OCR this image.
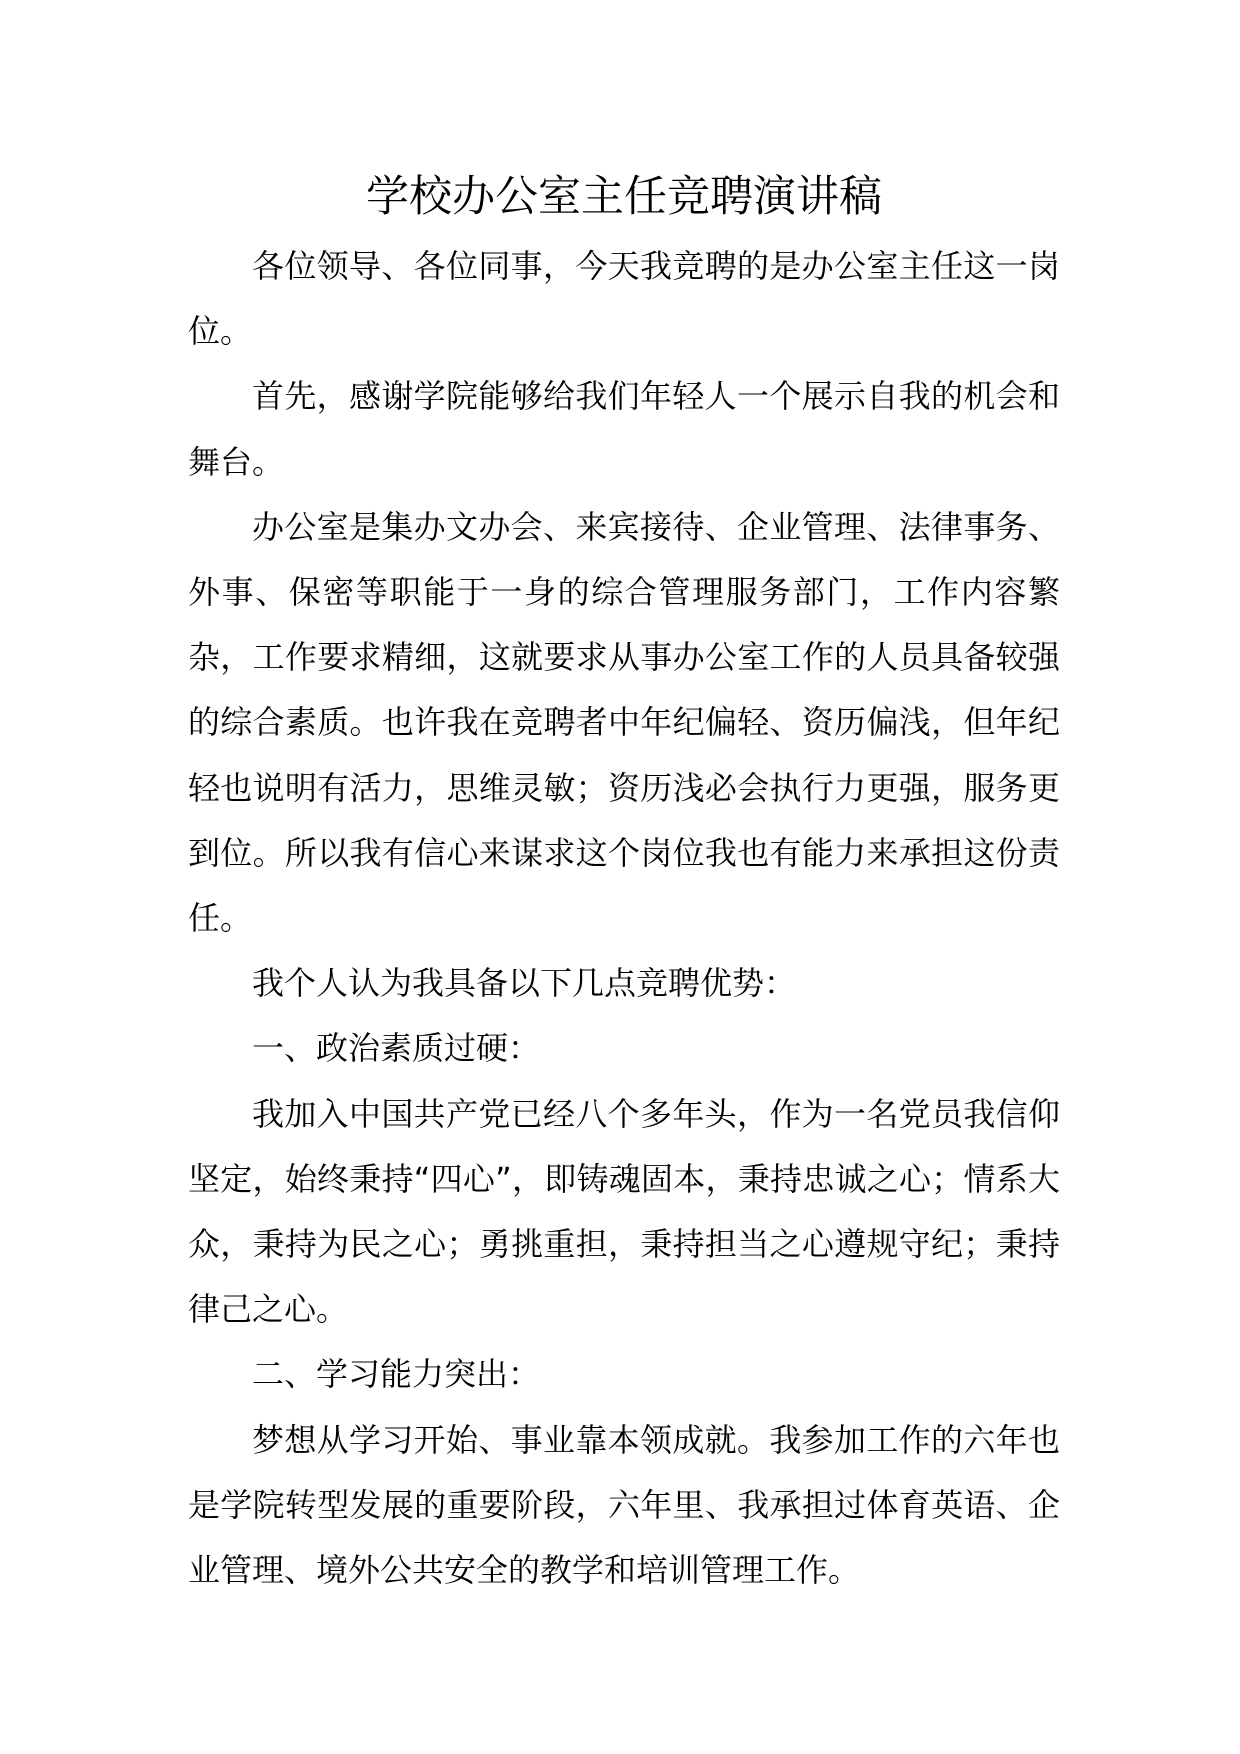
学校办公室主任竞聘演讲稿

各位领导、各位同事，今天我竞聘的是办公室主任这一岗位。

首先，感谢学院能够给我们年轻人一个展示自我的机会和舞台。

办公室是集办文办会、来宾接待、企业管理、法律事务、外事、保密等职能于一身的综合管理服务部门，工作内容繁杂，工作要求精细，这就要求从事办公室工作的人员具备较强的综合素质。也许我在竞聘者中年纪偏轻、资历偏浅，但年纪轻也说明有活力，思维灵敏；资历浅必会执行力更强，服务更到位。所以我有信心来谋求这个岗位我也有能力来承担这份责任。

我个人认为我具备以下几点竞聘优势：

一、政治素质过硬：

我加入中国共产党已经八个多年头，作为一名党员我信仰坚定，始终秉持“四心”，即铸魂固本，秉持忠诚之心；情系大众，秉持为民之心；勇挑重担，秉持担当之心遵规守纪；秉持律己之心。

二、学习能力突出：

梦想从学习开始、事业靠本领成就。我参加工作的六年也是学院转型发展的重要阶段，六年里、我承担过体育英语、企业管理、境外公共安全的教学和培训管理工作。
